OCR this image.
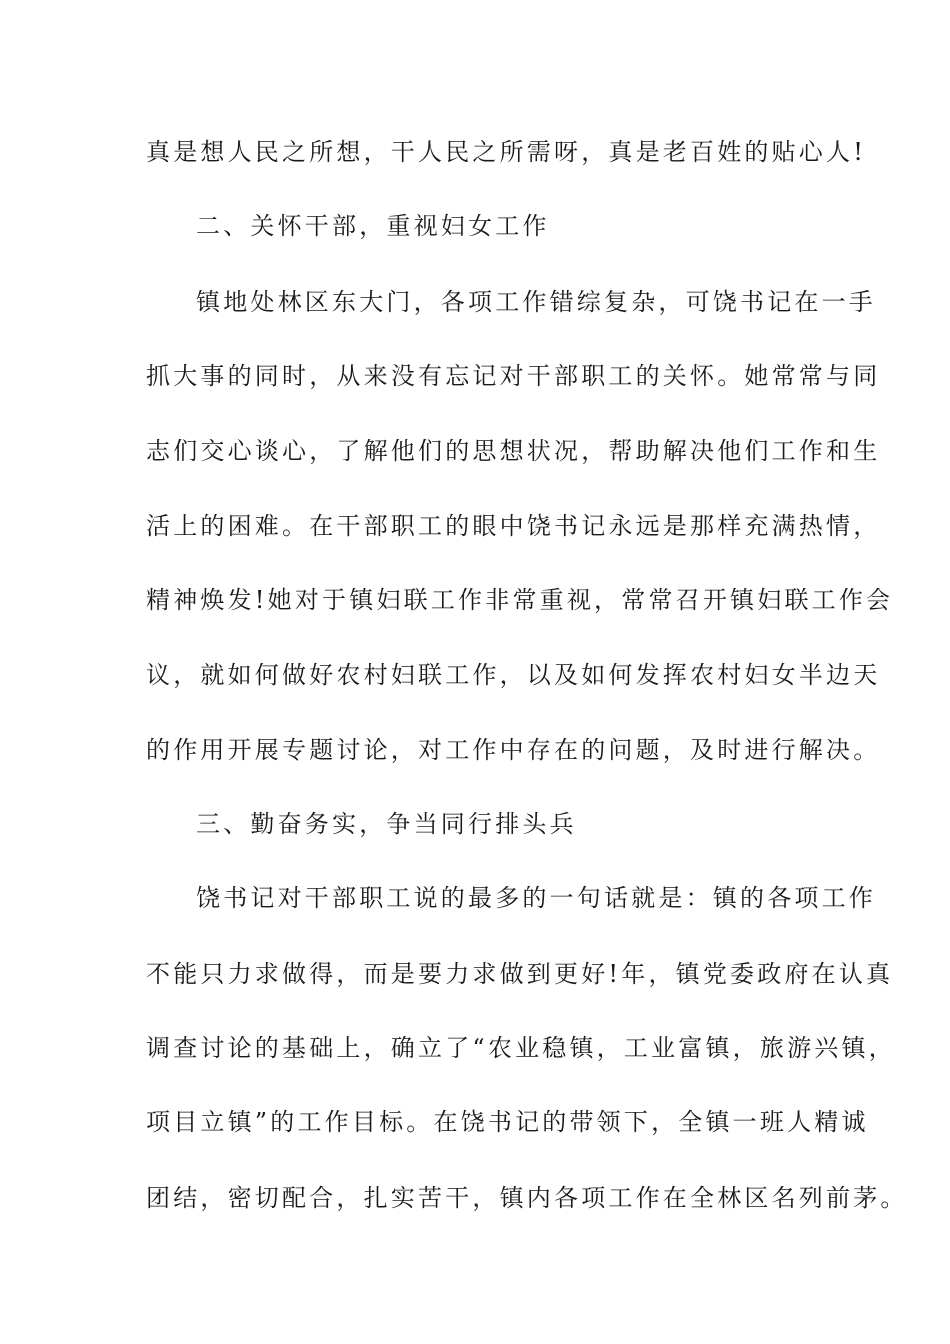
真是想人民之所想，干人民之所需呀，真是老百姓的贴心人!
二、关怀干部，重视妇女工作
镇地处林区东大门，各项工作错综复杂，可饶书记在一手
抓大事的同时，从来没有忘记对干部职工的关怀。她常常与同
志们交心谈心，了解他们的思想状况，帮助解决他们工作和生
活上的困难。在干部职工的眼中饶书记永远是那样充满热情，
精神焕发!她对于镇妇联工作非常重视，常常召开镇妇联工作会
议，就如何做好农村妇联工作，以及如何发挥农村妇女半边天
的作用开展专题讨论，对工作中存在的问题，及时进行解决。
三、勤奋务实，争当同行排头兵
饶书记对干部职工说的最多的一句话就是：镇的各项工作
不能只力求做得，而是要力求做到更好!年，镇党委政府在认真
调查讨论的基础上，确立了“农业稳镇，工业富镇，旅游兴镇，
项目立镇”的工作目标。在饶书记的带领下，全镇一班人精诚
团结，密切配合，扎实苦干，镇内各项工作在全林区名列前茅。
